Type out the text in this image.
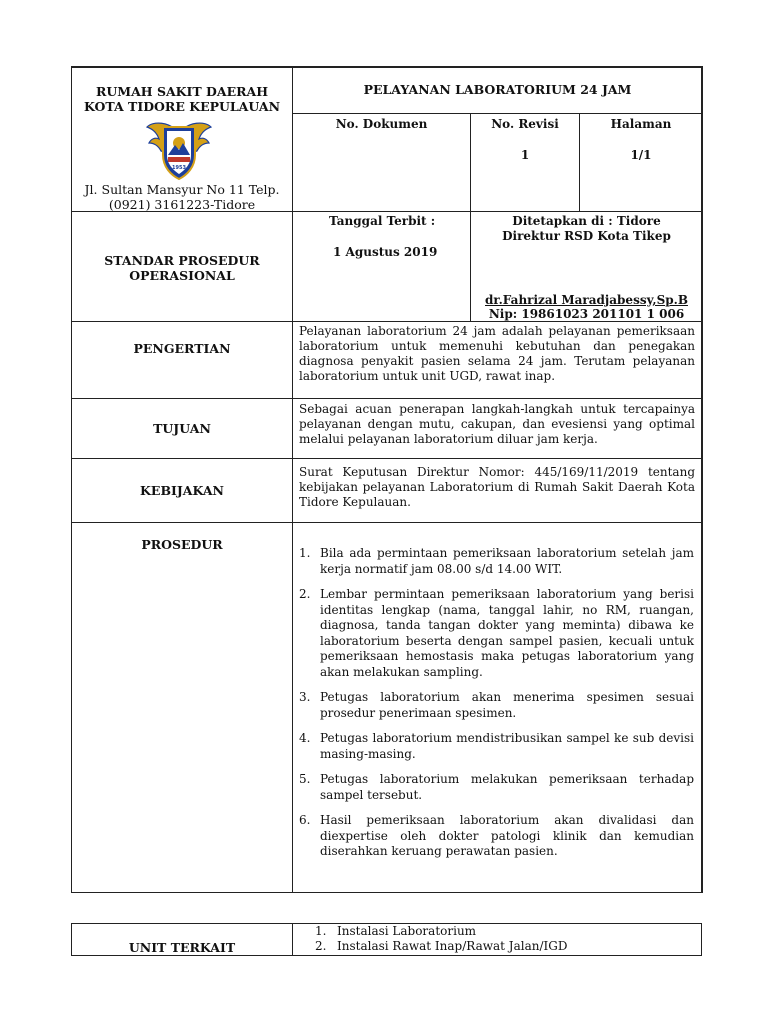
RUMAH SAKIT DAERAH
KOTA TIDORE KEPULAUAN
1953
Jl. Sultan Mansyur No 11 Telp.
(0921) 3161223-Tidore
PELAYANAN LABORATORIUM 24 JAM
No. Dokumen	No. Revisi
1
Halaman
1/1
STANDAR PROSEDUR
OPERASIONAL
Tanggal Terbit :
1 Agustus 2019
Ditetapkan di : Tidore
Direktur RSD Kota Tikep
dr.Fahrizal Maradjabessy,Sp.B
Nip: 19861023 201101 1 006
PENGERTIAN
Pelayanan laboratorium 24 jam adalah pelayanan pemeriksaan laboratorium untuk memenuhi kebutuhan dan penegakan diagnosa penyakit pasien selama 24 jam. Terutam pelayanan laboratorium untuk unit UGD, rawat inap.
TUJUAN
Sebagai acuan penerapan langkah-langkah untuk tercapainya pelayanan dengan mutu, cakupan, dan evesiensi yang optimal melalui pelayanan laboratorium diluar jam kerja.
KEBIJAKAN
Surat Keputusan Direktur Nomor: 445/169/11/2019 tentang kebijakan pelayanan Laboratorium di Rumah Sakit Daerah Kota Tidore Kepulauan.
PROSEDUR
1. Bila ada permintaan pemeriksaan laboratorium setelah jam kerja normatif jam 08.00 s/d 14.00 WIT.
2. Lembar permintaan pemeriksaan laboratorium yang berisi identitas lengkap (nama, tanggal lahir, no RM, ruangan, diagnosa, tanda tangan dokter yang meminta) dibawa ke laboratorium beserta dengan sampel pasien, kecuali untuk pemeriksaan hemostasis maka petugas laboratorium yang akan melakukan sampling.
3. Petugas laboratorium akan menerima spesimen sesuai prosedur penerimaan spesimen.
4. Petugas laboratorium mendistribusikan sampel ke sub devisi masing-masing.
5. Petugas laboratorium melakukan pemeriksaan terhadap sampel tersebut.
6. Hasil pemeriksaan laboratorium akan divalidasi dan diexpertise oleh dokter patologi klinik dan kemudian diserahkan keruang perawatan pasien.
UNIT TERKAIT
1. Instalasi Laboratorium
2. Instalasi Rawat Inap/Rawat Jalan/IGD
